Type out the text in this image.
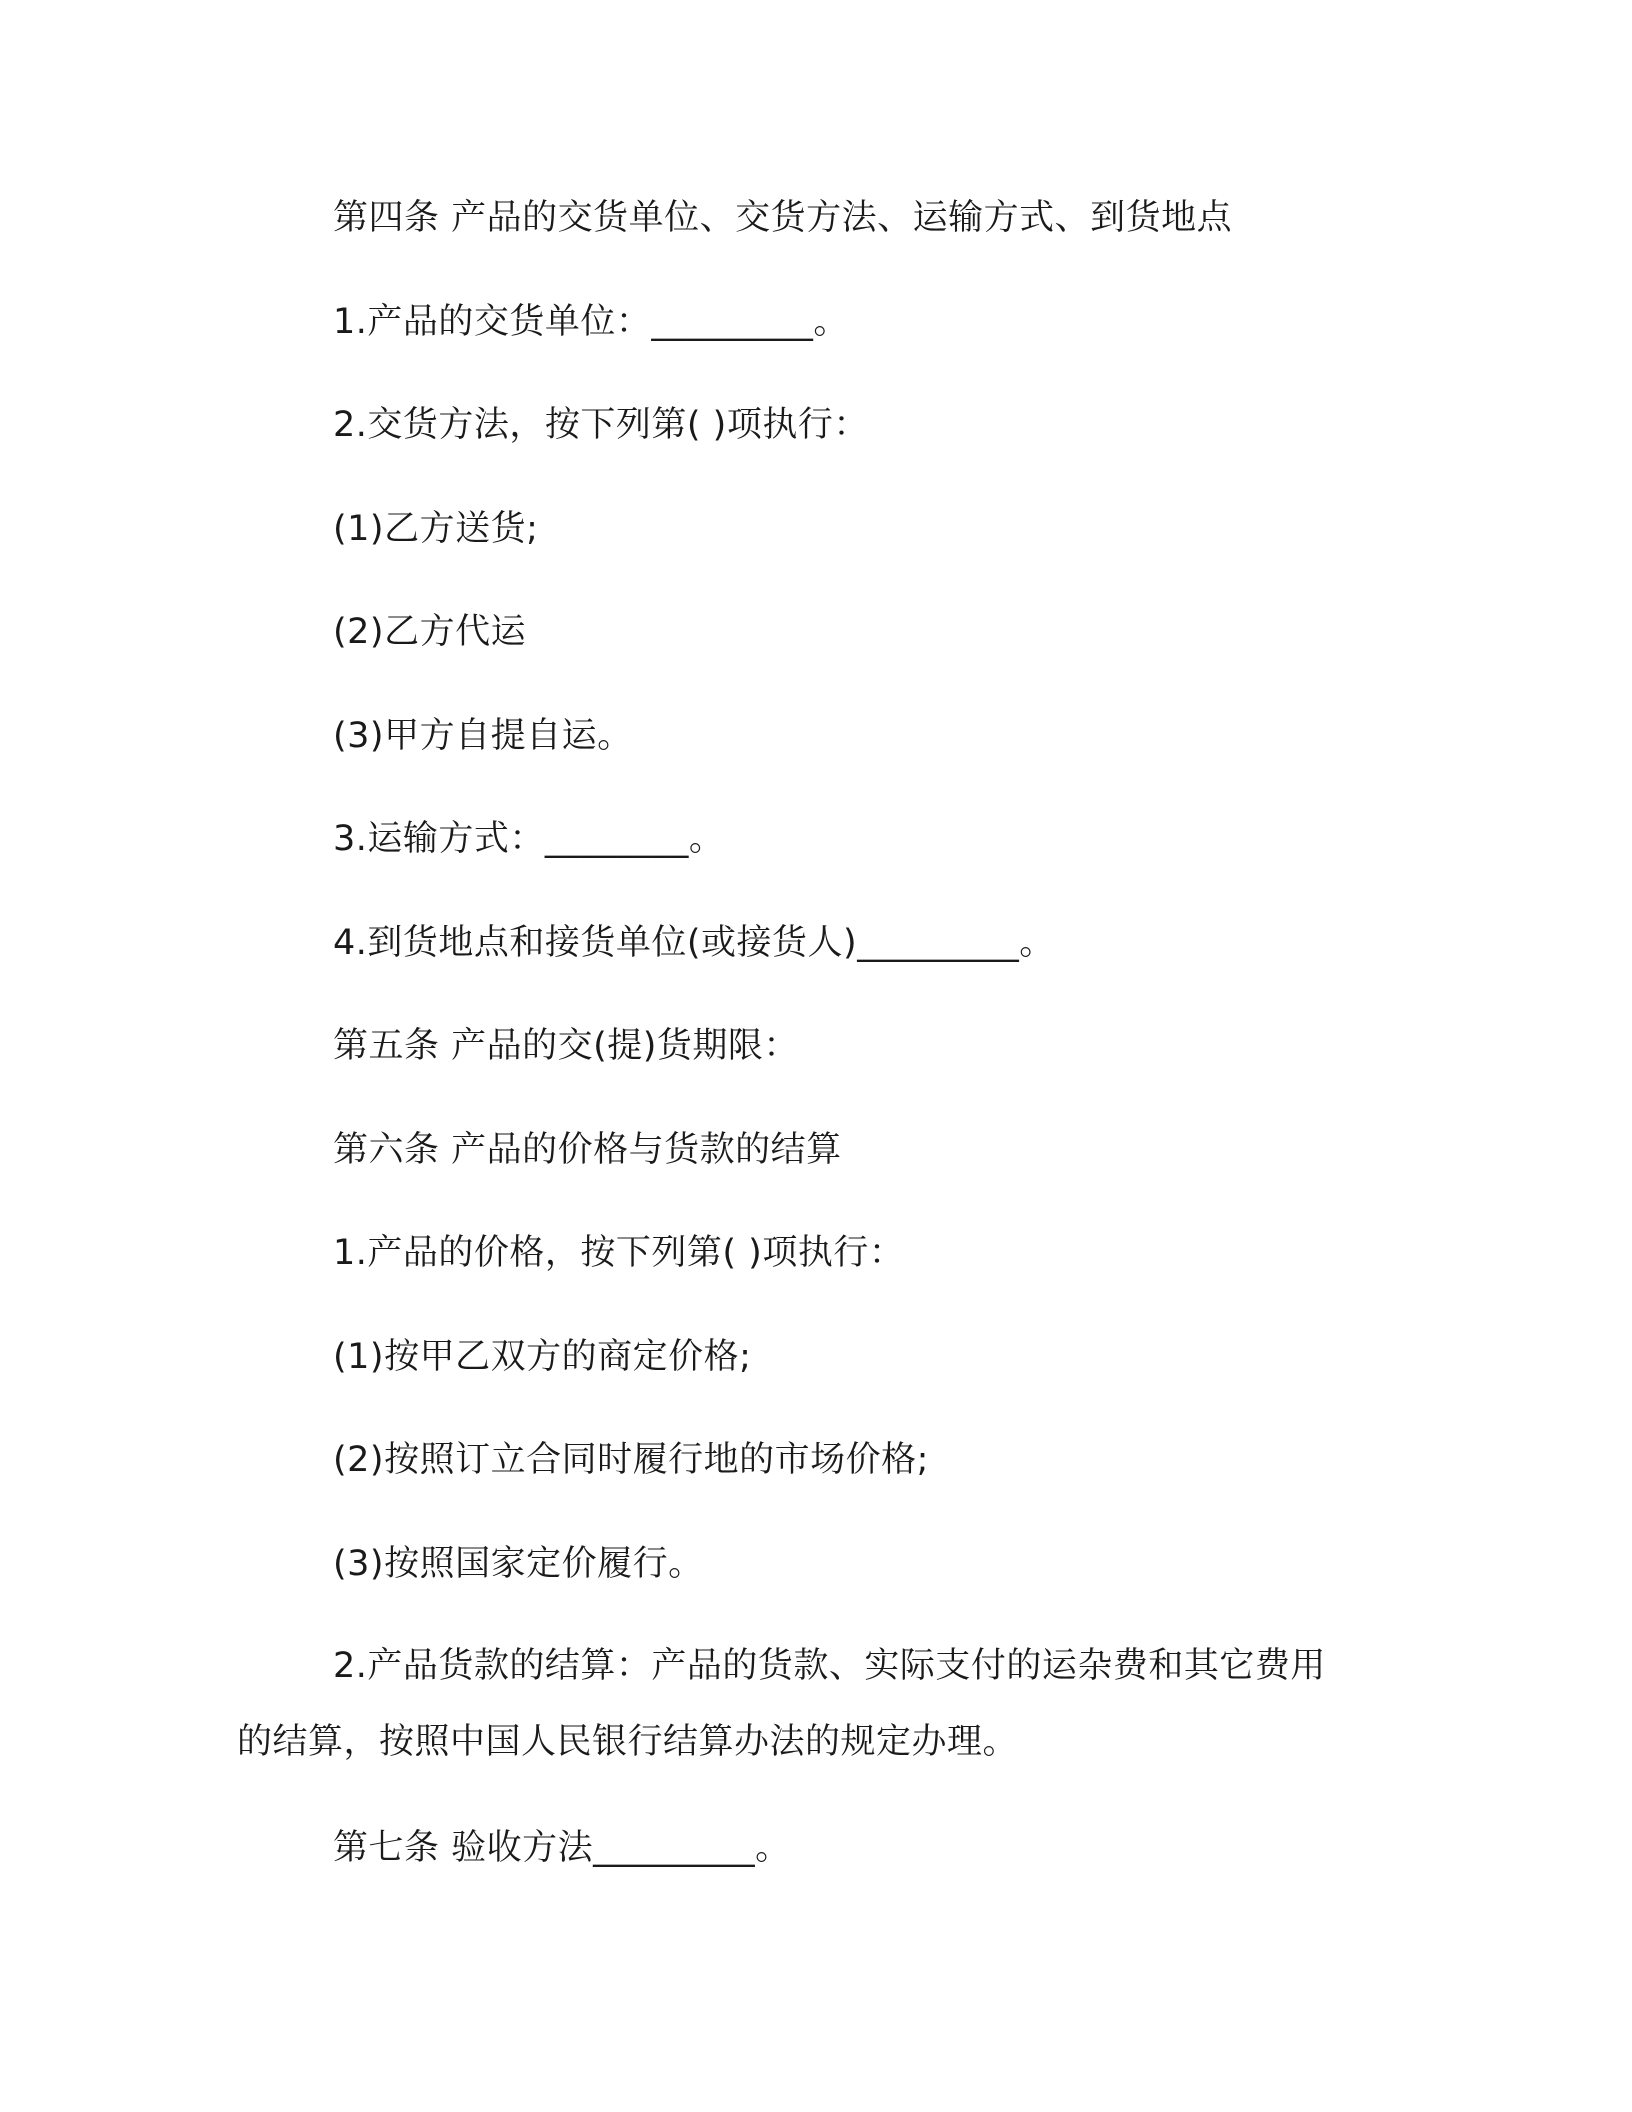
第四条 产品的交货单位、交货方法、运输方式、到货地点
1.产品的交货单位：_________。
2.交货方法，按下列第( )项执行：
(1)乙方送货;
(2)乙方代运
(3)甲方自提自运。
3.运输方式：________。
4.到货地点和接货单位(或接货人)_________。
第五条 产品的交(提)货期限：
第六条 产品的价格与货款的结算
1.产品的价格，按下列第( )项执行：
(1)按甲乙双方的商定价格;
(2)按照订立合同时履行地的市场价格;
(3)按照国家定价履行。
2.产品货款的结算：产品的货款、实际支付的运杂费和其它费用
的结算，按照中国人民银行结算办法的规定办理。
第七条 验收方法_________。
